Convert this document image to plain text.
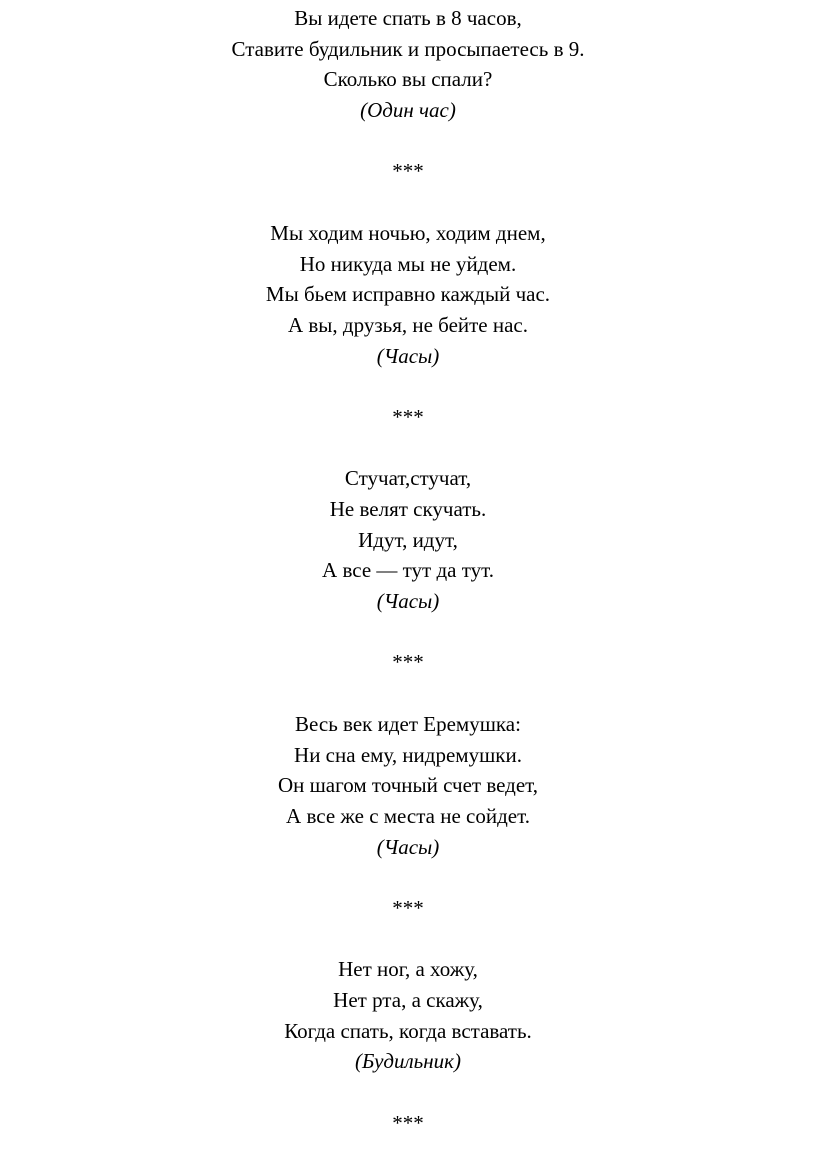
Вы идете спать в 8 часов,
Ставите будильник и просыпаетесь в 9.
Сколько вы спали?
(Один час)
***
Мы ходим ночью, ходим днем,
Но никуда мы не уйдем.
Мы бьем исправно каждый час.
А вы, друзья, не бейте нас.
(Часы)
***
Стучат,стучат,
Не велят скучать.
Идут, идут,
А все — тут да тут.
(Часы)
***
Весь век идет Еремушка:
Ни сна ему, нидремушки.
Он шагом точный счет ведет,
А все же с места не сойдет.
(Часы)
***
Нет ног, а хожу,
Нет рта, а скажу,
Когда спать, когда вставать.
(Будильник)
***
